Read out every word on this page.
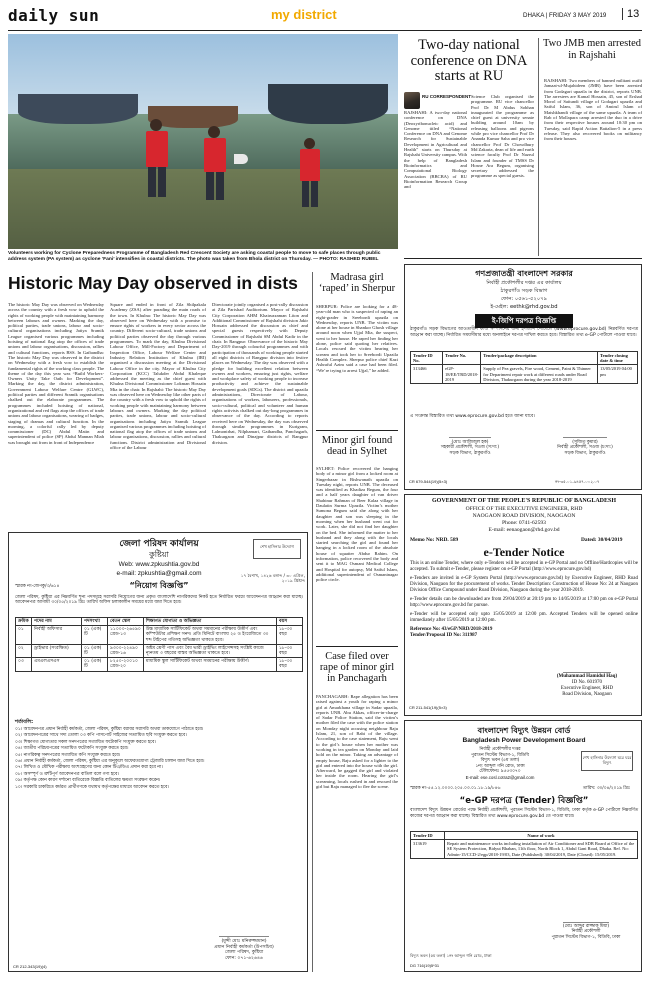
daily sun	my district	DHAKA | FRIDAY 3 MAY 2019	13
Volunteers working for Cyclone Preparedness Programme of Bangladesh Red Crescent Society are asking coastal people to move to safe places through public address system (PA system) as cyclone ‘Fani’ intensifies in coastal districts. The photo was taken from Bhola district on Thursday. — PHOTO: RASHED RUBEL
Two-day national conference on DNA starts at RU
RU CORRESPONDENT
RAJSHAHI: A two-day national conference on DNA (Deoxyribonucleic acid) and Genome titled “National Conference on DNA and Genome Research for Sustainable Development in Agricultural and Health” starts on Thursday at Rajshahi University campus. With the help of Bangladesh Bioinformatics and Computational Biology Association (BBCBA) of RU Bioinformation Research Group and
Science Club organised the programme. RU vice chancellor Prof Dr M Abdus Sobhan inaugurated the programme as chief guest at university senate building around 10am by releasing balloons and pigeons while pro vice chancellor Prof Dr Ananda Kumar Saha and pro vice chancellor Prof Dr Chowdhury Md Zakaria, dean of life and earth science faculty Prof Dr Nazrul Islam and founder of TMSS Dr Hosne Ara Begum, organising secretary addressed the programme as special guests.
Two JMB men arrested in Rajshahi
RAJSHAHI: Two members of banned militant outfit Jamaat-ul-Mujahideen (JMB) have been arrested from Godagari upazila in the district, reports UNB. The arrestees are Kamal Hossain, 45, son of Ershad Morol of Saitundi village of Godagari upazila and Saiful Islam, 36, son of Amirul Islam of Maishkhandi village of the same upazila. A team of Rab of Mollapara camp arrested the duo in a drive from their respective houses around 10:30 pm on Tuesday, said Rapid Action Battalion-5 in a press release. They also recovered books on militancy from their houses.
Historic May Day observed in dists
The historic May Day was observed on Wednesday across the country with a fresh vow to uphold the rights of working people with maintaining harmony between labours and owners. Marking the day, political parties, trade unions, labour and socio-cultural organisations including Jatiya Sramik League organised various programmes including hoisting of national flag atop the offices of trade unions and labour organisations, discussion, rallies and cultural functions, reports BSS. In Gaibandha: The historic May Day was observed in the district on Wednesday with a fresh vow to establish the fundamental rights of the working class people. The theme of the day this year was “Build Workers-Owners Unity Take Oath for Development”. Marking the day, the district administration, Government Labour Welfare Centre (GLWC), political parties and different Sramik organisations chalked out the elaborate programmes. The programmes included hoisting of national, organizational and red flags atop the offices of trade unions and labour organisations, wearing of badges, staging of dramas and cultural function. In the morning, a colorful rally led by deputy commissioner (DC) Abdul Matin and superintendent of police (SP) Abdul Mannan Miah was brought out from in front of Independence
Square and ended in front of Zila Shilpakala Academy (ZSA) after parading the main roads of the town. In Khulna: The historic May Day was observed here on Wednesday with a promise to ensure rights of workers in every sector across the country. Different socio-cultural, trade unions and political parties observed the day through various programmes. To mark the day, Khulna Divisional Labour Office, Mill-Factory and Department of Inspection Office, Labour Welfare Center and Industry Relation Institution of Khulna (IRI) organised a discussion meeting at the Divisional Labour Office in the city. Mayor of Khulna City Corporation (KCC) Talukder Abdul Khaleque addressed the meeting as the chief guest with Khulna Divisional Commissioner Lokman Hossain Mia in the chair. In Rajshahi: The historic May Day was observed here on Wednesday like other parts of the country with a fresh vow to uphold the rights of working people with maintaining harmony between labours and owners. Marking the day political parties, trade unions, labour and socio-cultural organisations including Jatiya Sramik League organised various programmes including hoisting of national flag atop the offices of trade unions and labour organisations, discussion, rallies and cultural functions. District administration and Divisional office of the Labour
Directorate jointly organised a post-rally discussion at Zila Parishad Auditorium. Mayor of Rajshahi City Corporation AHM Khairuzzaman Liton and Additional Commissioner of Rajshahi division Jakir Hossain addressed the discussion as chief and special guests respectively with Deputy Commissioner of Rajshahi SM Abdul Kadir in the chair. In Rangpur: Observance of the historic May Day-2019 through colourful programmes and with participation of thousands of working people started all eight districts of Rangpur division into festive places on Wednesday. The day was observed with a pledge for building excellent relation between owners and workers, ensuring just rights, welfare and workplace safety of working people to increase productivity and achieve the sustainable development goals (SDGs). The district and upazila administrations, Directorate of Labour, organisations of workers, labourers, professionals, socio-cultural, political and volunteer and human rights activists chalked out day-long programmes in observance of the day. According to reports received here on Wednesday, the day was observed through similar programmes in Kurigram, Lalmonirhat, Nilphamari, Gaibandha, Panchagarh, Thakurgaon and Dinajpur districts of Rangpur division.
Madrasa girl ‘raped’ in Sherpur
SHERPUR: Police are looking for a 48-year-old man who is suspected of raping an eight-grader in Sreebordi upazila on Wednesday, reports UNB. The victim was alone at her house in Shankor Ghosh village around noon when Ujjal Mia, the suspect, went to her house. He raped her finding her alone, police said quoting her relatives. Locals rescued the victim hearing her scream and took her to Sreebordi Upazila Health Complex. Sherpur police chief Kazi Ashraful Azim said a case had been filed. “We’re trying to arrest Ujjal,” he added.
Minor girl found dead in Sylhet
SYLHET: Police recovered the hanging body of a minor girl from a locked room at Singerbazar in Bishwanath upazila on Tuesday night, reports UNB. The deceased was identified as Khadiza Begum, the four and a half years daughter of van driver Shahinur Rahman of Beer Kalaa village in Daulatin Surma Upazila. Victim’s mother Sumona Begum said she along with her daughter and son was sleeping in the morning when her husband went out for work. Later, she did not find her daughter on the bed. She informed the matter to her husband and they along with the locals started searching the girl and found her hanging in a locked room of the absolute house of squatter Abdur Rahim. On information, police recovered the body and sent it to MAG Osmani Medical College and Hospital for autopsy, Md Saiful Islam, additional superintendent of Osmaninagar police circle.
Case filed over rape of minor girl in Panchagarh
PANCHAGARH: Rape allegation has been raised against a youth for raping a minor girl at Amarkhana village in Sadar upazila, reports UNB. Abu Akkas, officer-in-charge of Sadar Police Station, said the victim’s mother filed the case with the police station on Monday night accusing neighbour Raju Islam, 21, son of Babi of the village. According to the case statement, Raju went to the girl’s house when her mother was working in tea garden on Monday and laid hold on the minor. Taking an advantage of empty house, Raju asked for a lighter to the girl and entered into the house with the girl. Afterward, he gagged the girl and violated her inside the room. Hearing the girl’s screaming, locals rushed in and rescued the girl but Raju managed to flee the scene.
জেলা পরিষদ কার্যালয়
কুষ্টিয়া
Web: www.zpkushtia.gov.bd
e-mail: zpkushtia@gmail.com
শেখ হাসিনার উদ্যোগ
স্মারক নং-জেপকু/৩/৬১৪	“নিয়োগ বিজ্ঞপ্তি”
১৭ বৈশাখ, ১৪২৬ বঙ্গাব্দ / ৩০ এপ্রিল, ২০১৯ খ্রিষ্টাব্দ
জেলা পরিষদ, কুষ্টিয়া এর নিম্নবর্ণিত শূন্য পদসমূহে সরাসরি নিয়োগের জন্য প্রকৃত বাংলাদেশি নাগরিকদের নিকট হতে নির্ধারিত ফরমে আবেদনপত্র আহ্বান করা যাচ্ছে। আবেদনপত্র আগামী ৩০/০৫/২০১৯ খ্রিঃ তারিখ অফিস চলাকালীন সময়ের মধ্যে জমা দিতে হবে।
ক্রমিক	পদের নাম	পদসংখ্যা	বেতন স্কেল	শিক্ষাগত যোগ্যতা ও অভিজ্ঞতা	বয়স
০১	নির্বাহী অফিসার	০১ (এক) টি	১১০০০-২৬৫৯০ গ্রেড-১৩	উচ্চ মাধ্যমিক সার্টিফিকেট অথবা সমমানের পরীক্ষায় উত্তীর্ণ এবং কম্পিউটার প্রশিক্ষণ সনদ। প্রতি মিনিটে বাংলায় ২৫ ও ইংরেজিতে ৩০ শব্দ টাইপের গতিসহ অভিজ্ঞতা থাকতে হবে।	১৮-৩০ বছর
০২	ড্রাইভার (সংরক্ষিত)	০১ (এক) টি	৯৩০০-২২৪৯০ গ্রেড-১৬	অষ্টম শ্রেণী পাস এবং বৈধ ভারী ড্রাইভিং লাইসেন্সসহ সংশ্লিষ্ট কাজে ন্যূনতম ৩ বছরের বাস্তব অভিজ্ঞতা থাকতে হবে।	১৮-৩০ বছর
০৩	এমএলএসএস	০১ (এক) টি	৮২৫০-২০০১০ গ্রেড-২০	মাধ্যমিক স্কুল সার্টিফিকেট অথবা সমমানের পরীক্ষায় উত্তীর্ণ।	১৮-৩০ বছর
শর্তাবলি:
০১। আবেদনপত্র প্রধান নির্বাহী কর্মকর্তা, জেলা পরিষদ, কুষ্টিয়া বরাবর সরাসরি অথবা ডাকযোগে পাঠাতে হবে।
০২। আবেদনপত্রের সাথে সদ্য তোলা ০৩ কপি পাসপোর্ট সাইজের সত্যায়িত ছবি সংযুক্ত করতে হবে।
০৩। শিক্ষাগত যোগ্যতার সকল সনদপত্রের সত্যায়িত ফটোকপি সংযুক্ত করতে হবে।
০৪। জাতীয় পরিচয়পত্রের সত্যায়িত ফটোকপি সংযুক্ত করতে হবে।
০৫। নাগরিকত্ব সনদপত্রের সত্যায়িত কপি সংযুক্ত করতে হবে।
০৬। প্রধান নির্বাহী কর্মকর্তা, জেলা পরিষদ, কুষ্টিয়া এর অনুকূলে অফেরতযোগ্য ট্রেজারি চালান জমা দিতে হবে।
০৭। লিখিত ও মৌখিক পরীক্ষায় অংশগ্রহণের জন্য কোন টিএ/ডিএ প্রদান করা হবে না।
০৮। অসম্পূর্ণ ও ত্রুটিপূর্ণ আবেদনপত্র বাতিল বলে গণ্য হবে।
০৯। কর্তৃপক্ষ কোন কারণ দর্শানো ব্যতিরেকে বিজ্ঞপ্তি বাতিলের ক্ষমতা সংরক্ষণ করেন।
১০। সরকারি চাকরিতে কর্মরত প্রার্থীগণকে যথাযথ কর্তৃপক্ষের মাধ্যমে আবেদন করতে হবে।
(মুন্সী মোঃ মনিরুজ্জামান)
প্রধান নির্বাহী কর্মকর্তা (উপসচিব)
জেলা পরিষদ, কুষ্টিয়া
ফোন: ০৭১-৬২৬৪৬
CR 212-343(19)(4)
গণপ্রজাতন্ত্রী বাংলাদেশ সরকার
নির্বাহী প্রকৌশলীর দপ্তর এর কার্যালয়
ঠাকুরগাঁও সড়ক বিভাগ
ফোন: ০৫৬১-৫২০৭৯
ই-মেইল: eethk@rhd.gov.bd
ই-জিপি দরপত্র বিজ্ঞপ্তি
ঠাকুরগাঁও সড়ক বিভাগের আওতাধীন কাজ সম্পাদনের জন্য ই-জিপি পোর্টালে (www.eprocure.gov.bd) নিম্নবর্ণিত দরপত্র আহ্বান করা যাচ্ছে। নির্ধারিত সময়সীমার মধ্যে অনলাইনে দরপত্র দাখিল করতে হবে। বিস্তারিত তথ্য e-GP পোর্টালে পাওয়া যাবে।
Tender ID No.	Tender No.	Tender/package description	Tender closing date & time
313466	eGP-18/EE/TRD/2018-2019	Supply of Pea gravels, Fire wood, Cement, Paint & Thinner for Department repair work at different roads under Road Division, Thakurgaon during the year 2018-2019	13/05/2019 04:00 pm
এ সংক্রান্ত বিস্তারিত তথ্য www.eprocure.gov.bd হতে জানা যাবে।
(মোঃ আজিজুল হক)
সহকারী প্রকৌশলী, সওজ (স:দা:)
সড়ক বিভাগ, ঠাকুরগাঁও
(সুজিত কুমার)
নির্বাহী প্রকৌশলী, সওজ (চ:দা:)
সড়ক বিভাগ, ঠাকুরগাঁও
CR 679-544(19)(5×3)	নং-৩৫.০১.৯৪৫৭.০০২.০৭
GOVERNMENT OF THE PEOPLE'S REPUBLIC OF BANGLADESH
OFFICE OF THE EXECUTIVE ENGINEER, RHD
NAOGAON ROAD DIVISION, NAOGAON
Phone: 0741-62593
E-mail: eenaogaon@rhd.gov.bd
Memo No: NRD. 589	Dated: 30/04/2019
e-Tender Notice

This is an online Tender, where only e-Tenders will be accepted in e-GP Portal and no Offline/Hardcopies will be accepted. To submit e-Tender, please register on e-GP Portal (http://www.eprocure.gov.bd)

e-Tenders are invited in e-GP System Portal (http://www.eprocure.gov.bd) by Executive Engineer, RHD Road Division, Naogaon for the procurement of works. Tender Description: Construction of House No: 24 at Naogaon Division Office Compound under Road Division, Naogaon during the year 2018-2019.

e-Tender details can be downloaded are from 29/04/2019 at 20:19 pm to 14/05/2019 at 17:00 pm on e-GP Portal http://www.eprocure.gov.bd for pursue.

e-Tender will be accepted only upto 15/05/2019 at 12:00 pm. Accepted Tenders will be opened online immediately after 15/05/2019 at 12:00 pm.

Reference No: 43/eGP/NRD/2018-2019

Tender/Proposal ID No: 311987

(Muhammad Hamidul Haq)
ID No. 601970
Executive Engineer, RHD
Road Division, Naogaon
CR 211-541(19)(5×3)
বাংলাদেশ বিদ্যুৎ উন্নয়ন বোর্ড
Bangladesh Power Development Board
নির্বাহী প্রকৌশলীর দপ্তর
পুরাতন সিস্টেম বিভাগ-১, বিডিবি
বিদ্যুৎ ভবন (৫ম তলা)
১নং আব্দুল গনি রোড, ঢাকা
টেলিফোনঃ ৯৫৫৩০৭০
E-mail: ese.cosl.cotra2@gmail.com
শেখ হাসিনার উদ্যোগ ঘরে ঘরে বিদ্যুৎ
স্মারক নং-৫৫.১২.০০০০.২০৫.০৩.০১.১৮.১৯/৮৪৬	তারিখ: ৩০/০৪/২০১৯ খ্রিঃ
“e-GP দরপত্র (Tender) বিজ্ঞপ্তি”
বাংলাদেশ বিদ্যুৎ উন্নয়ন বোর্ডের পক্ষে নির্বাহী প্রকৌশলী, পুরাতন সিস্টেম বিভাগ-১, বিডিবি, ঢাকা কর্তৃক e-GP পোর্টালে নিম্নবর্ণিত কাজের দরপত্র আহ্বান করা যাচ্ছে। বিস্তারিত তথ্য www.eprocure.gov.bd তে পাওয়া যাবে।
Tender ID	Name of work
313619	Repair and maintenance works including installation of Air Conditioner and SDB Board at Office of the SE System Protection, Bidyut Bhaban, 11th floor, North Block 1, Abdul Gani Road, Dhaka. Ref. No: Admin-15/CCD-2/egp/2018-19/03, Date (Published): 30/04/2019, Date (Closed): 15/05/2019.
(মোঃ আব্দুর রাজ্জাক মিয়া)
নির্বাহী প্রকৌশলী
পুরাতন সিস্টেম বিভাগ-১, বিডিবি, ঢাকা
বিদ্যুৎ ভবন (৫ম তলা) ১নং আব্দুল গনি রোড, ঢাকা
DG 716(19)5*31
